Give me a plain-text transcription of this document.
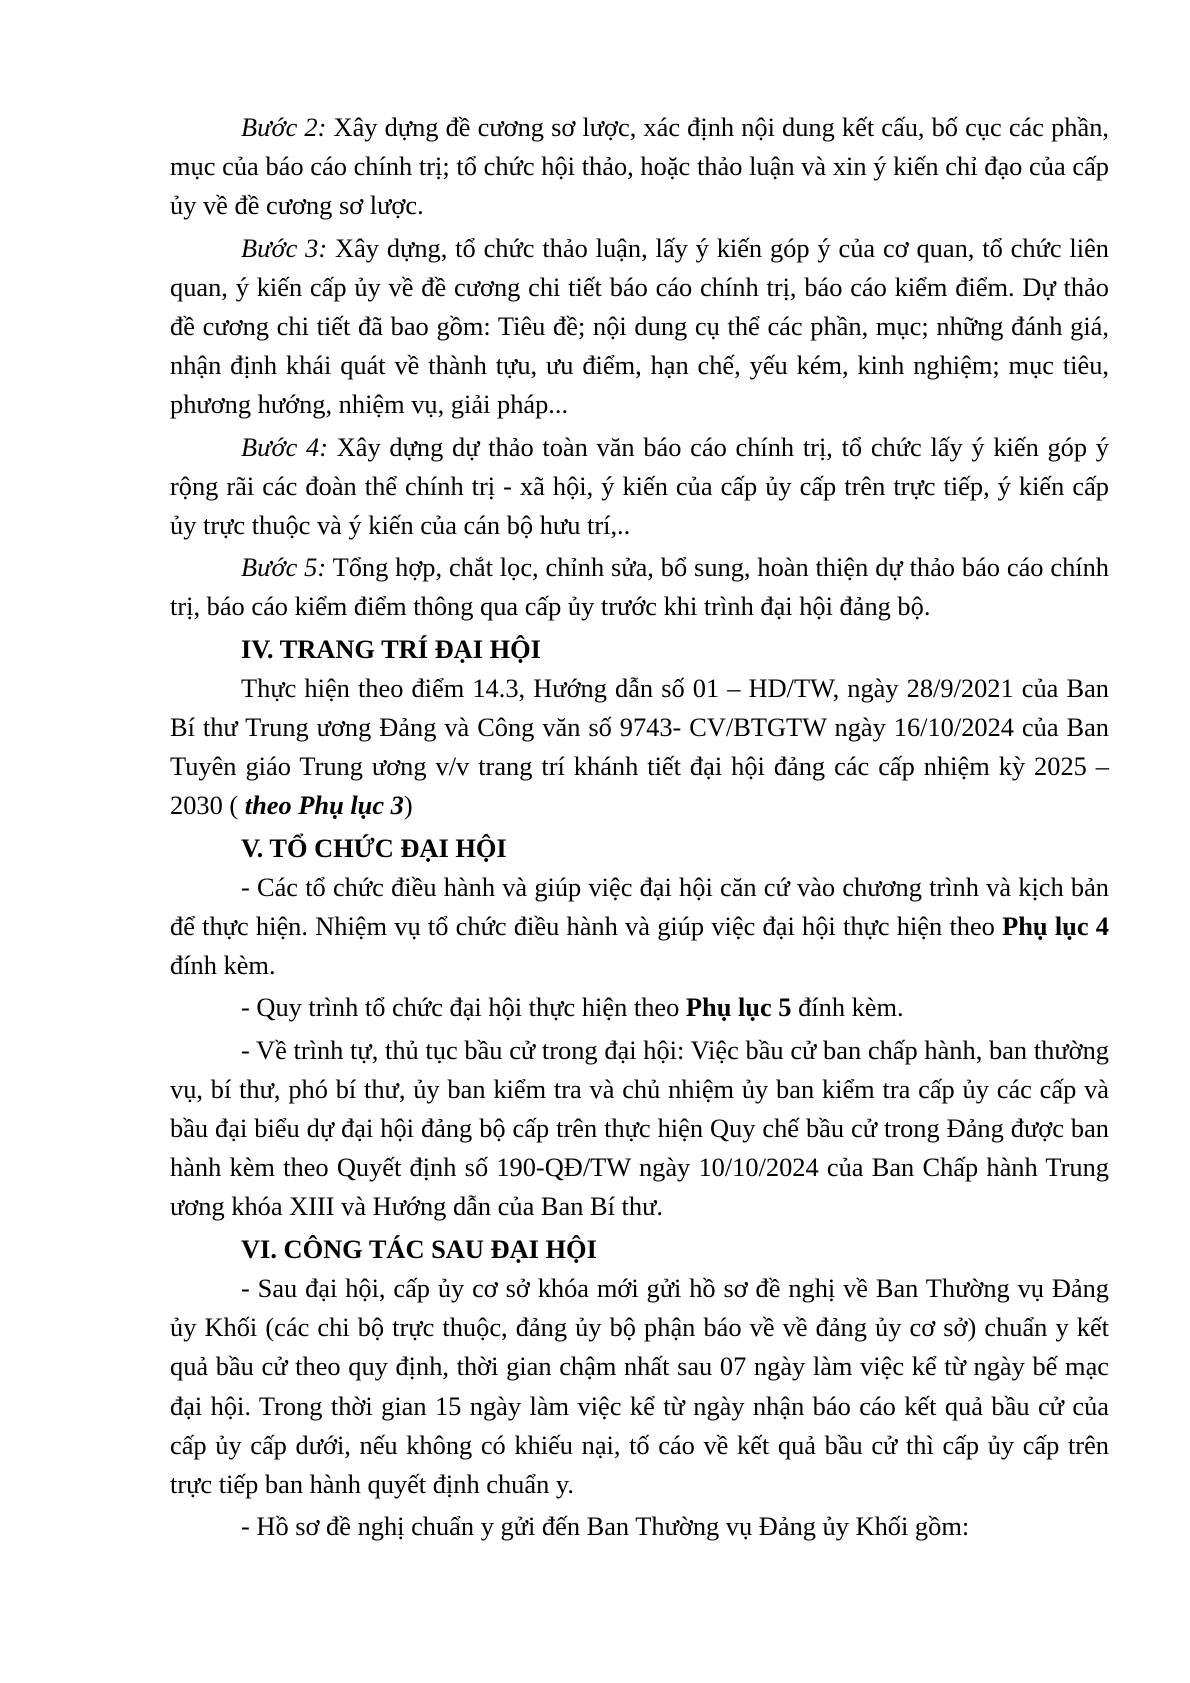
Bước 2: Xây dựng đề cương sơ lược, xác định nội dung kết cấu, bố cục các phần, mục của báo cáo chính trị; tổ chức hội thảo, hoặc thảo luận và xin ý kiến chỉ đạo của cấp ủy về đề cương sơ lược.

Bước 3: Xây dựng, tổ chức thảo luận, lấy ý kiến góp ý của cơ quan, tổ chức liên quan, ý kiến cấp ủy về đề cương chi tiết báo cáo chính trị, báo cáo kiểm điểm. Dự thảo đề cương chi tiết đã bao gồm: Tiêu đề; nội dung cụ thể các phần, mục; những đánh giá, nhận định khái quát về thành tựu, ưu điểm, hạn chế, yếu kém, kinh nghiệm; mục tiêu, phương hướng, nhiệm vụ, giải pháp...

Bước 4: Xây dựng dự thảo toàn văn báo cáo chính trị, tổ chức lấy ý kiến góp ý rộng rãi các đoàn thể chính trị - xã hội, ý kiến của cấp ủy cấp trên trực tiếp, ý kiến cấp ủy trực thuộc và ý kiến của cán bộ hưu trí,..

Bước 5: Tổng hợp, chắt lọc, chỉnh sửa, bổ sung, hoàn thiện dự thảo báo cáo chính trị, báo cáo kiểm điểm thông qua cấp ủy trước khi trình đại hội đảng bộ.

IV. TRANG TRÍ ĐẠI HỘI

Thực hiện theo điểm 14.3, Hướng dẫn số 01 – HD/TW, ngày 28/9/2021 của Ban Bí thư Trung ương Đảng và Công văn số 9743- CV/BTGTW ngày 16/10/2024 của Ban Tuyên giáo Trung ương v/v trang trí khánh tiết đại hội đảng các cấp nhiệm kỳ 2025 – 2030 ( theo Phụ lục 3)

V. TỔ CHỨC ĐẠI HỘI

- Các tổ chức điều hành và giúp việc đại hội căn cứ vào chương trình và kịch bản để thực hiện. Nhiệm vụ tổ chức điều hành và giúp việc đại hội thực hiện theo Phụ lục 4 đính kèm.

- Quy trình tổ chức đại hội thực hiện theo Phụ lục 5 đính kèm.

- Về trình tự, thủ tục bầu cử trong đại hội: Việc bầu cử ban chấp hành, ban thường vụ, bí thư, phó bí thư, ủy ban kiểm tra và chủ nhiệm ủy ban kiểm tra cấp ủy các cấp và bầu đại biểu dự đại hội đảng bộ cấp trên thực hiện Quy chế bầu cử trong Đảng được ban hành kèm theo Quyết định số 190-QĐ/TW ngày 10/10/2024 của Ban Chấp hành Trung ương khóa XIII và Hướng dẫn của Ban Bí thư.

VI. CÔNG TÁC SAU ĐẠI HỘI

- Sau đại hội, cấp ủy cơ sở khóa mới gửi hồ sơ đề nghị về Ban Thường vụ Đảng ủy Khối (các chi bộ trực thuộc, đảng ủy bộ phận báo về về đảng ủy cơ sở) chuẩn y kết quả bầu cử theo quy định, thời gian chậm nhất sau 07 ngày làm việc kể từ ngày bế mạc đại hội. Trong thời gian 15 ngày làm việc kể từ ngày nhận báo cáo kết quả bầu cử của cấp ủy cấp dưới, nếu không có khiếu nại, tố cáo về kết quả bầu cử thì cấp ủy cấp trên trực tiếp ban hành quyết định chuẩn y.

- Hồ sơ đề nghị chuẩn y gửi đến Ban Thường vụ Đảng ủy Khối gồm:
